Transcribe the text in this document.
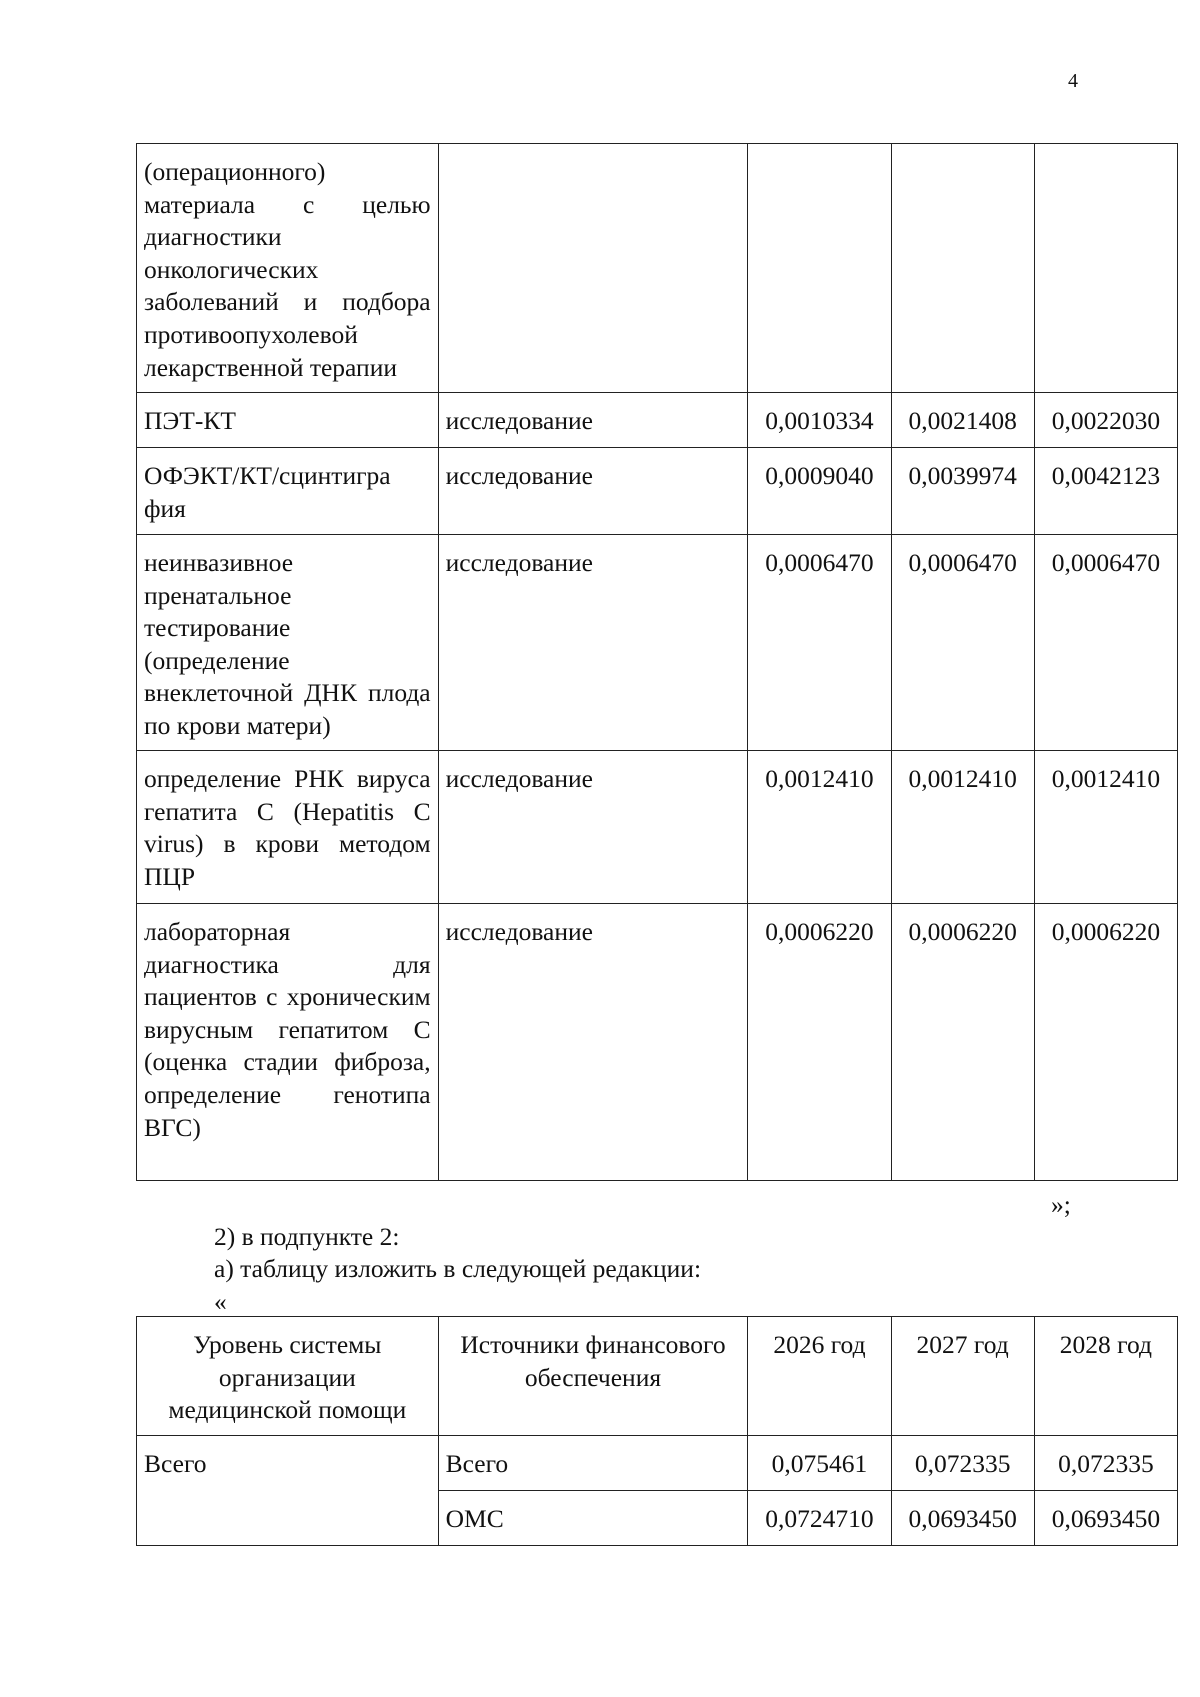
4
(операционного) материала с целью диагностики онкологических заболеваний и подбора противоопухолевой лекарственной терапии				
ПЭТ-КТ	исследование	0,0010334	0,0021408	0,0022030
ОФЭКТ/КТ/сцинтигра фия	исследование	0,0009040	0,0039974	0,0042123
неинвазивное пренатальное тестирование (определение внеклеточной ДНК плода по крови матери)	исследование	0,0006470	0,0006470	0,0006470
определение РНК вируса гепатита С (Hepatitis C virus) в крови методом ПЦР	исследование	0,0012410	0,0012410	0,0012410
лабораторная диагностика для пациентов с хроническим вирусным гепатитом С (оценка стадии фиброза, определение генотипа ВГС)	исследование	0,0006220	0,0006220	0,0006220
»;
2) в подпункте 2:
а) таблицу изложить в следующей редакции:
«
Уровень системы организации медицинской помощи	Источники финансового обеспечения	2026 год	2027 год	2028 год
Всего	Всего	0,075461	0,072335	0,072335
	ОМС	0,0724710	0,0693450	0,0693450
